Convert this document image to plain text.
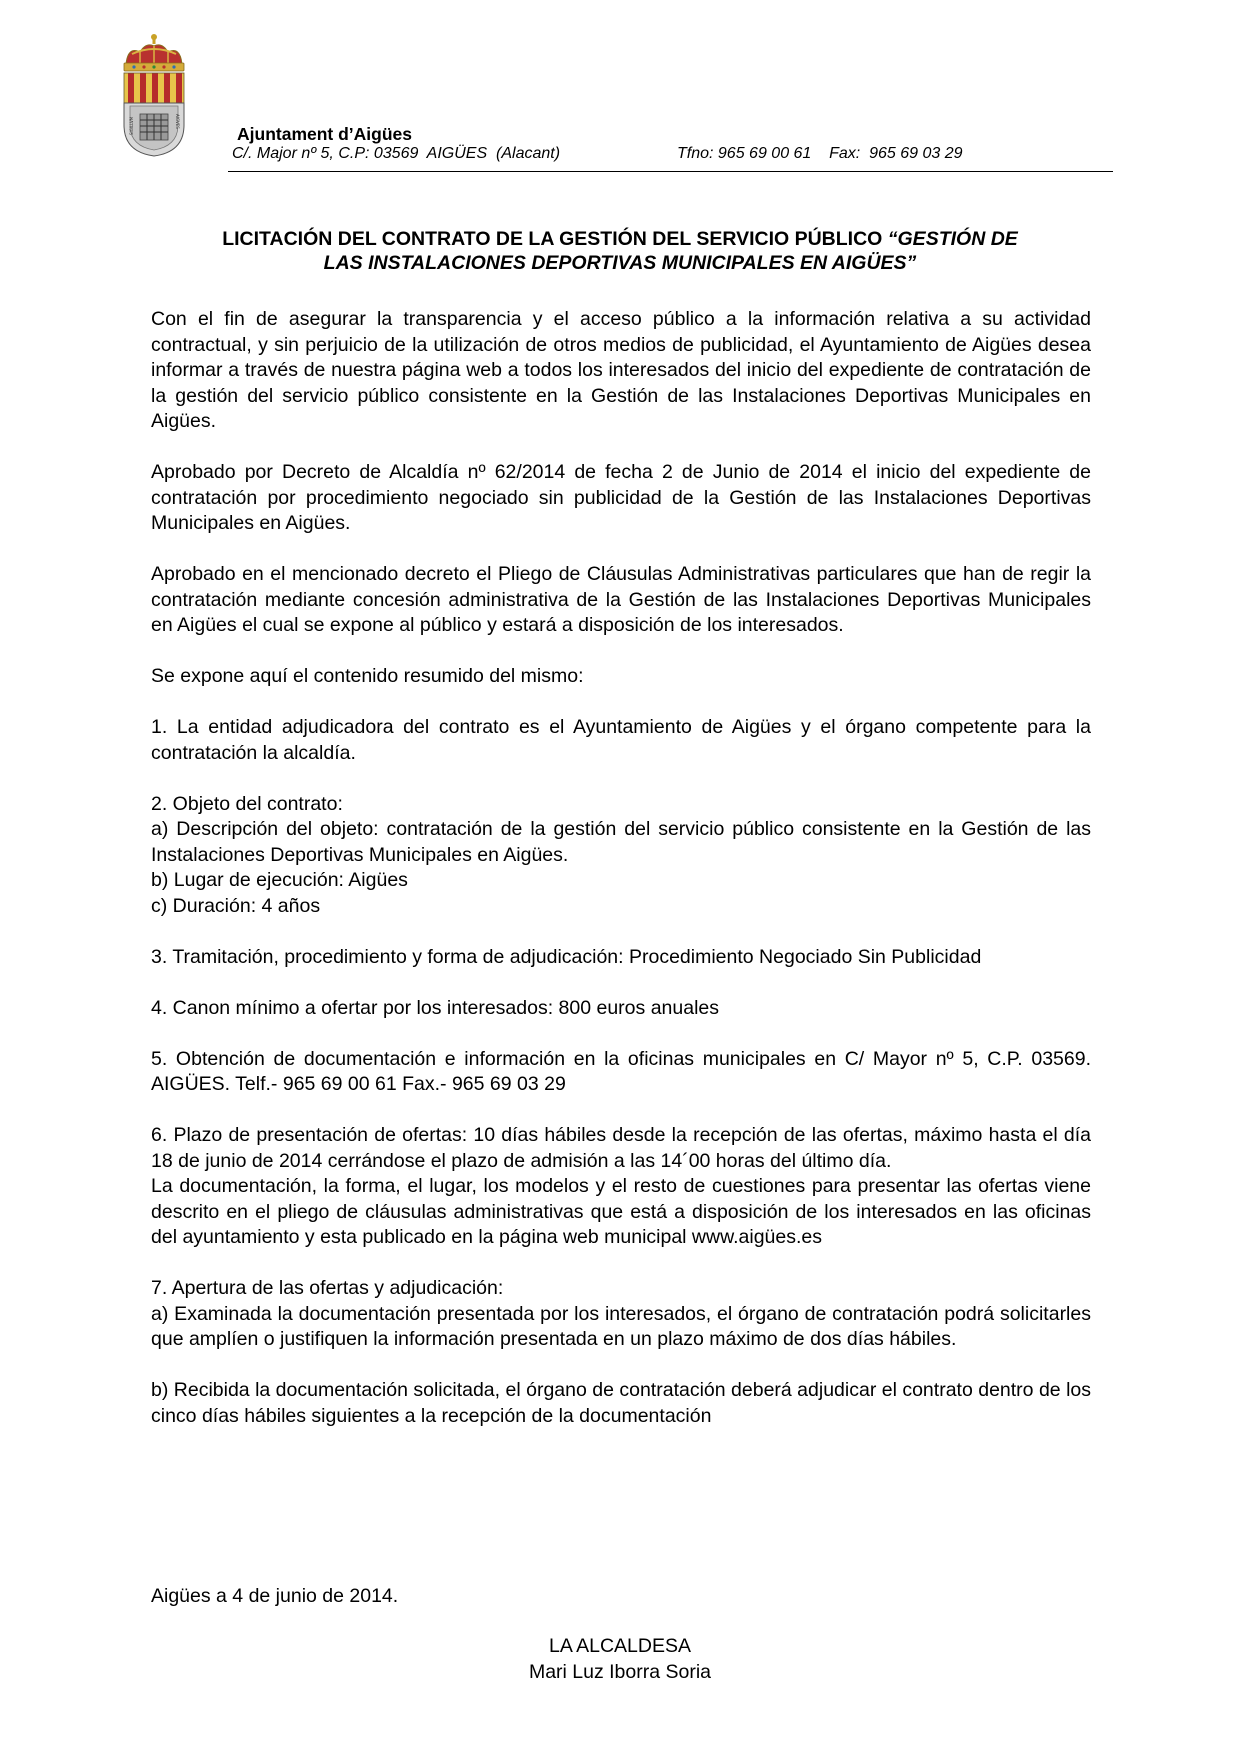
SIGILLVM	AIGVES
Ajuntament d’Aigües
C/. Major nº 5, C.P: 03569  AIGÜES  (Alacant)	Tfno: 965 69 00 61    Fax:  965 69 03 29
LICITACIÓN DEL CONTRATO DE LA GESTIÓN DEL SERVICIO PÚBLICO “GESTIÓN DE
LAS INSTALACIONES DEPORTIVAS MUNICIPALES EN AIGÜES”

Con el fin de asegurar la transparencia y el acceso público a la información relativa a su actividad contractual, y sin perjuicio de la utilización de otros medios de publicidad, el Ayuntamiento de Aigües desea informar a través de nuestra página web a todos los interesados del inicio del expediente de contratación de la gestión del servicio público consistente en la Gestión de las Instalaciones Deportivas Municipales en Aigües.

Aprobado por Decreto de Alcaldía nº 62/2014 de fecha 2 de Junio de 2014 el inicio del expediente de contratación por procedimiento negociado sin publicidad de la Gestión de las Instalaciones Deportivas Municipales en Aigües.

Aprobado en el mencionado decreto el Pliego de Cláusulas Administrativas particulares que han de regir la contratación mediante concesión administrativa de la Gestión de las Instalaciones Deportivas Municipales en Aigües el cual se expone al público y estará a disposición de los interesados.

Se expone aquí el contenido resumido del mismo:

1. La entidad adjudicadora del contrato es el Ayuntamiento de Aigües y el órgano competente para la contratación la alcaldía.

2. Objeto del contrato:

a) Descripción del objeto: contratación de la gestión del servicio público consistente en la Gestión de las Instalaciones Deportivas Municipales en Aigües.

b) Lugar de ejecución: Aigües

c) Duración: 4 años

3. Tramitación, procedimiento y forma de adjudicación: Procedimiento Negociado Sin Publicidad

4. Canon mínimo a ofertar por los interesados: 800 euros anuales

5. Obtención de documentación e información en la oficinas municipales en C/ Mayor nº 5, C.P. 03569. AIGÜES. Telf.- 965 69 00 61 Fax.- 965 69 03 29

6. Plazo de presentación de ofertas: 10 días hábiles desde la recepción de las ofertas, máximo hasta el día 18 de junio de 2014 cerrándose el plazo de admisión a las 14´00 horas del último día.

La documentación, la forma, el lugar, los modelos y el resto de cuestiones para presentar las ofertas viene descrito en el pliego de cláusulas administrativas que está a disposición de los interesados en las oficinas del ayuntamiento y esta publicado en la página web municipal www.aigües.es

7. Apertura de las ofertas y adjudicación:

a) Examinada la documentación presentada por los interesados, el órgano de contratación podrá solicitarles que amplíen o justifiquen la información presentada en un plazo máximo de dos días hábiles.

b) Recibida la documentación solicitada, el órgano de contratación deberá adjudicar el contrato dentro de los cinco días hábiles siguientes a la recepción de la documentación

Aigües a 4 de junio de 2014.
LA ALCALDESA
Mari Luz Iborra Soria
